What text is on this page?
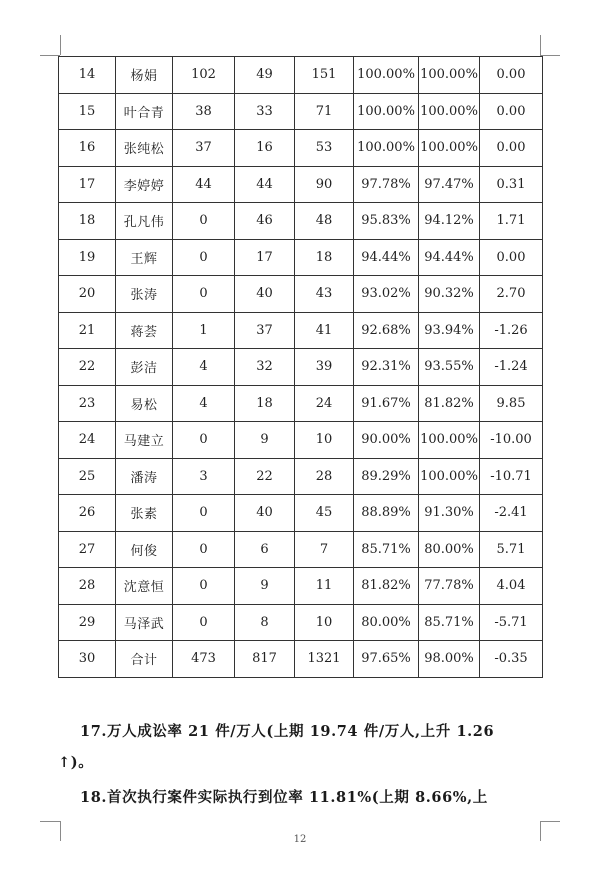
14	杨娟	102	49	151	100.00%	100.00%	0.00
15	叶合青	38	33	71	100.00%	100.00%	0.00
16	张纯松	37	16	53	100.00%	100.00%	0.00
17	李婷婷	44	44	90	97.78%	97.47%	0.31
18	孔凡伟	0	46	48	95.83%	94.12%	1.71
19	王辉	0	17	18	94.44%	94.44%	0.00
20	张涛	0	40	43	93.02%	90.32%	2.70
21	蒋荟	1	37	41	92.68%	93.94%	-1.26
22	彭洁	4	32	39	92.31%	93.55%	-1.24
23	易松	4	18	24	91.67%	81.82%	9.85
24	马建立	0	9	10	90.00%	100.00%	-10.00
25	潘涛	3	22	28	89.29%	100.00%	-10.71
26	张素	0	40	45	88.89%	91.30%	-2.41
27	何俊	0	6	7	85.71%	80.00%	5.71
28	沈意恒	0	9	11	81.82%	77.78%	4.04
29	马泽武	0	8	10	80.00%	85.71%	-5.71
30	合计	473	817	1321	97.65%	98.00%	-0.35
17.万人成讼率 21 件/万人(上期 19.74 件/万人,上升 1.26
↑)。
18.首次执行案件实际执行到位率 11.81%(上期 8.66%,上
12
